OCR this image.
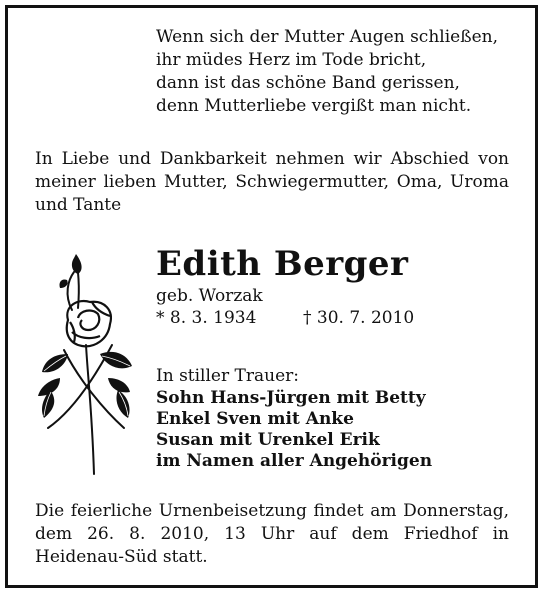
Wenn sich der Mutter Augen schließen,
ihr müdes Herz im Tode bricht,
dann ist das schöne Band gerissen,
denn Mutterliebe vergißt man nicht.
In Liebe und Dankbarkeit nehmen wir Abschied von meiner lieben Mutter, Schwiegermutter, Oma, Uroma und Tante
Edith Berger
geb. Worzak
* 8. 3. 1934	† 30. 7. 2010
In stiller Trauer:
Sohn Hans-Jürgen mit Betty
Enkel Sven mit Anke
Susan mit Urenkel Erik
im Namen aller Angehörigen
Die feierliche Urnenbeisetzung findet am Donnerstag, dem 26. 8. 2010, 13 Uhr auf dem Friedhof in Heidenau-Süd statt.
